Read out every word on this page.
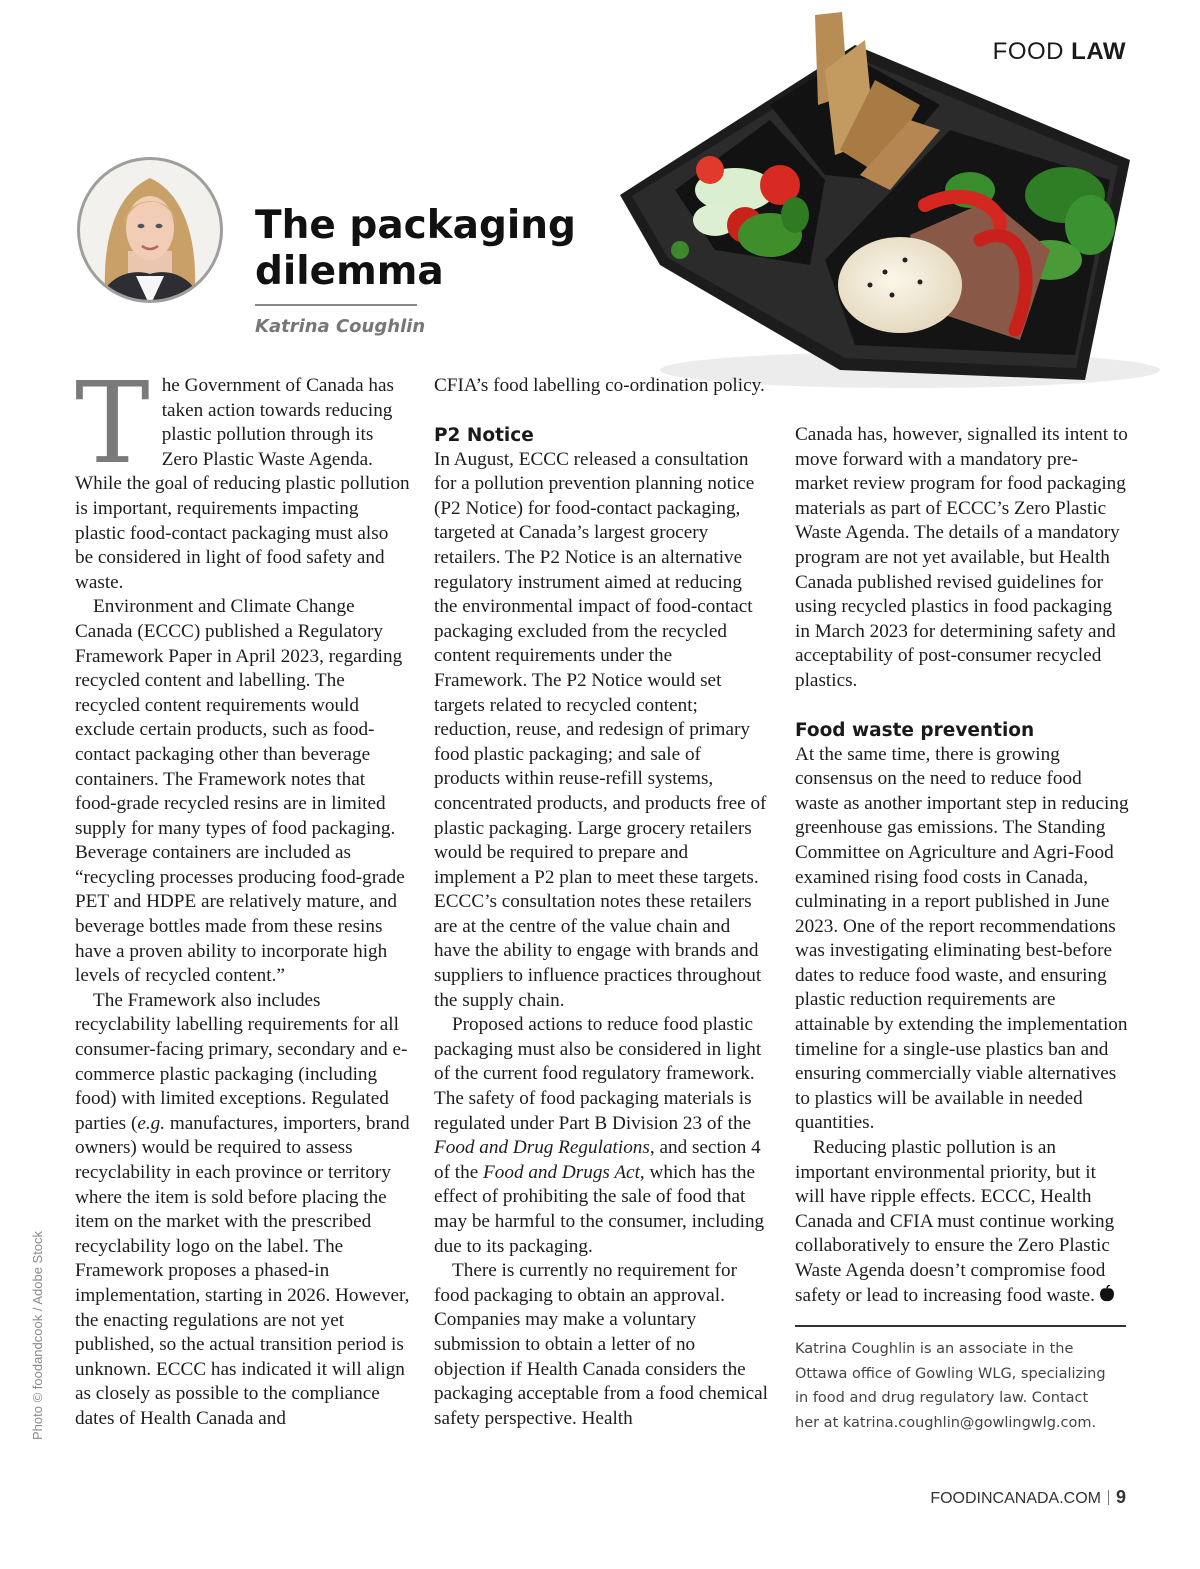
FOOD LAW
The packaging dilemma
Katrina Coughlin

The Government of Canada has taken action towards reducing plastic pollution through its Zero Plastic Waste Agenda. While the goal of reducing plastic pollution is important, requirements impacting plastic food-contact packaging must also be considered in light of food safety and waste.

Environment and Climate Change Canada (ECCC) published a Regulatory Framework Paper in April 2023, regarding recycled content and labelling. The recycled content requirements would exclude certain products, such as food-contact packaging other than beverage containers. The Framework notes that food-grade recycled resins are in limited supply for many types of food packaging. Beverage containers are included as “recycling processes producing food-grade PET and HDPE are relatively mature, and beverage bottles made from these resins have a proven ability to incorporate high levels of recycled content.”

The Framework also includes recyclability labelling requirements for all consumer-facing primary, secondary and e-commerce plastic packaging (including food) with limited exceptions. Regulated parties (e.g. manufactures, importers, brand owners) would be required to assess recyclability in each province or territory where the item is sold before placing the item on the market with the prescribed recyclability logo on the label. The Framework proposes a phased-in implementation, starting in 2026. However, the enacting regulations are not yet published, so the actual transition period is unknown. ECCC has indicated it will align as closely as possible to the compliance dates of Health Canada and

CFIA’s food labelling co-ordination policy.

P2 Notice

In August, ECCC released a consultation for a pollution prevention planning notice (P2 Notice) for food-contact packaging, targeted at Canada’s largest grocery retailers. The P2 Notice is an alternative regulatory instrument aimed at reducing the environmental impact of food-contact packaging excluded from the recycled content requirements under the Framework. The P2 Notice would set targets related to recycled content; reduction, reuse, and redesign of primary food plastic packaging; and sale of products within reuse-refill systems, concentrated products, and products free of plastic packaging. Large grocery retailers would be required to prepare and implement a P2 plan to meet these targets. ECCC’s consultation notes these retailers are at the centre of the value chain and have the ability to engage with brands and suppliers to influence practices throughout the supply chain.

Proposed actions to reduce food plastic packaging must also be considered in light of the current food regulatory framework. The safety of food packaging materials is regulated under Part B Division 23 of the Food and Drug Regulations, and section 4 of the Food and Drugs Act, which has the effect of prohibiting the sale of food that may be harmful to the consumer, including due to its packaging.

There is currently no requirement for food packaging to obtain an approval. Companies may make a voluntary submission to obtain a letter of no objection if Health Canada considers the packaging acceptable from a food chemical safety perspective. Health

Canada has, however, signalled its intent to move forward with a mandatory pre-market review program for food packaging materials as part of ECCC’s Zero Plastic Waste Agenda. The details of a mandatory program are not yet available, but Health Canada published revised guidelines for using recycled plastics in food packaging in March 2023 for determining safety and acceptability of post-consumer recycled plastics.

Food waste prevention

At the same time, there is growing consensus on the need to reduce food waste as another important step in reducing greenhouse gas emissions. The Standing Committee on Agriculture and Agri-Food examined rising food costs in Canada, culminating in a report published in June 2023. One of the report recommendations was investigating eliminating best-before dates to reduce food waste, and ensuring plastic reduction requirements are attainable by extending the implementation timeline for a single-use plastics ban and ensuring commercially viable alternatives to plastics will be available in needed quantities.

Reducing plastic pollution is an important environmental priority, but it will have ripple effects. ECCC, Health Canada and CFIA must continue working collaboratively to ensure the Zero Plastic Waste Agenda doesn’t compromise food safety or lead to increasing food waste.

Katrina Coughlin is an associate in the Ottawa office of Gowling WLG, specializing in food and drug regulatory law. Contact her at katrina.coughlin@gowlingwlg.com.

Photo © foodandcook / Adobe Stock
FOODINCANADA.COM 9
